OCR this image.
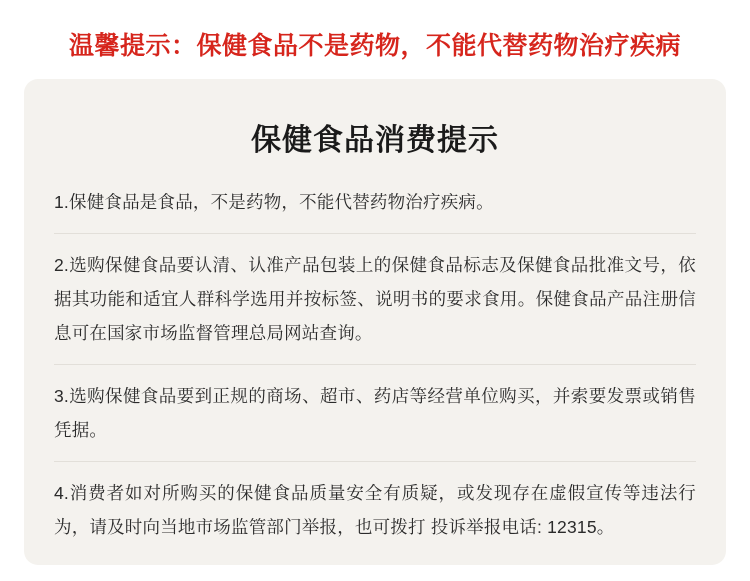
温馨提示：保健食品不是药物，不能代替药物治疗疾病
保健食品消费提示
1.保健食品是食品，不是药物，不能代替药物治疗疾病。
2.选购保健食品要认清、认准产品包装上的保健食品标志及保健食品批准文号，依据其功能和适宜人群科学选用并按标签、说明书的要求食用。保健食品产品注册信息可在国家市场监督管理总局网站查询。
3.选购保健食品要到正规的商场、超市、药店等经营单位购买，并索要发票或销售凭据。
4.消费者如对所购买的保健食品质量安全有质疑，或发现存在虚假宣传等违法行为，请及时向当地市场监管部门举报，也可拨打 投诉举报电话: 12315。
